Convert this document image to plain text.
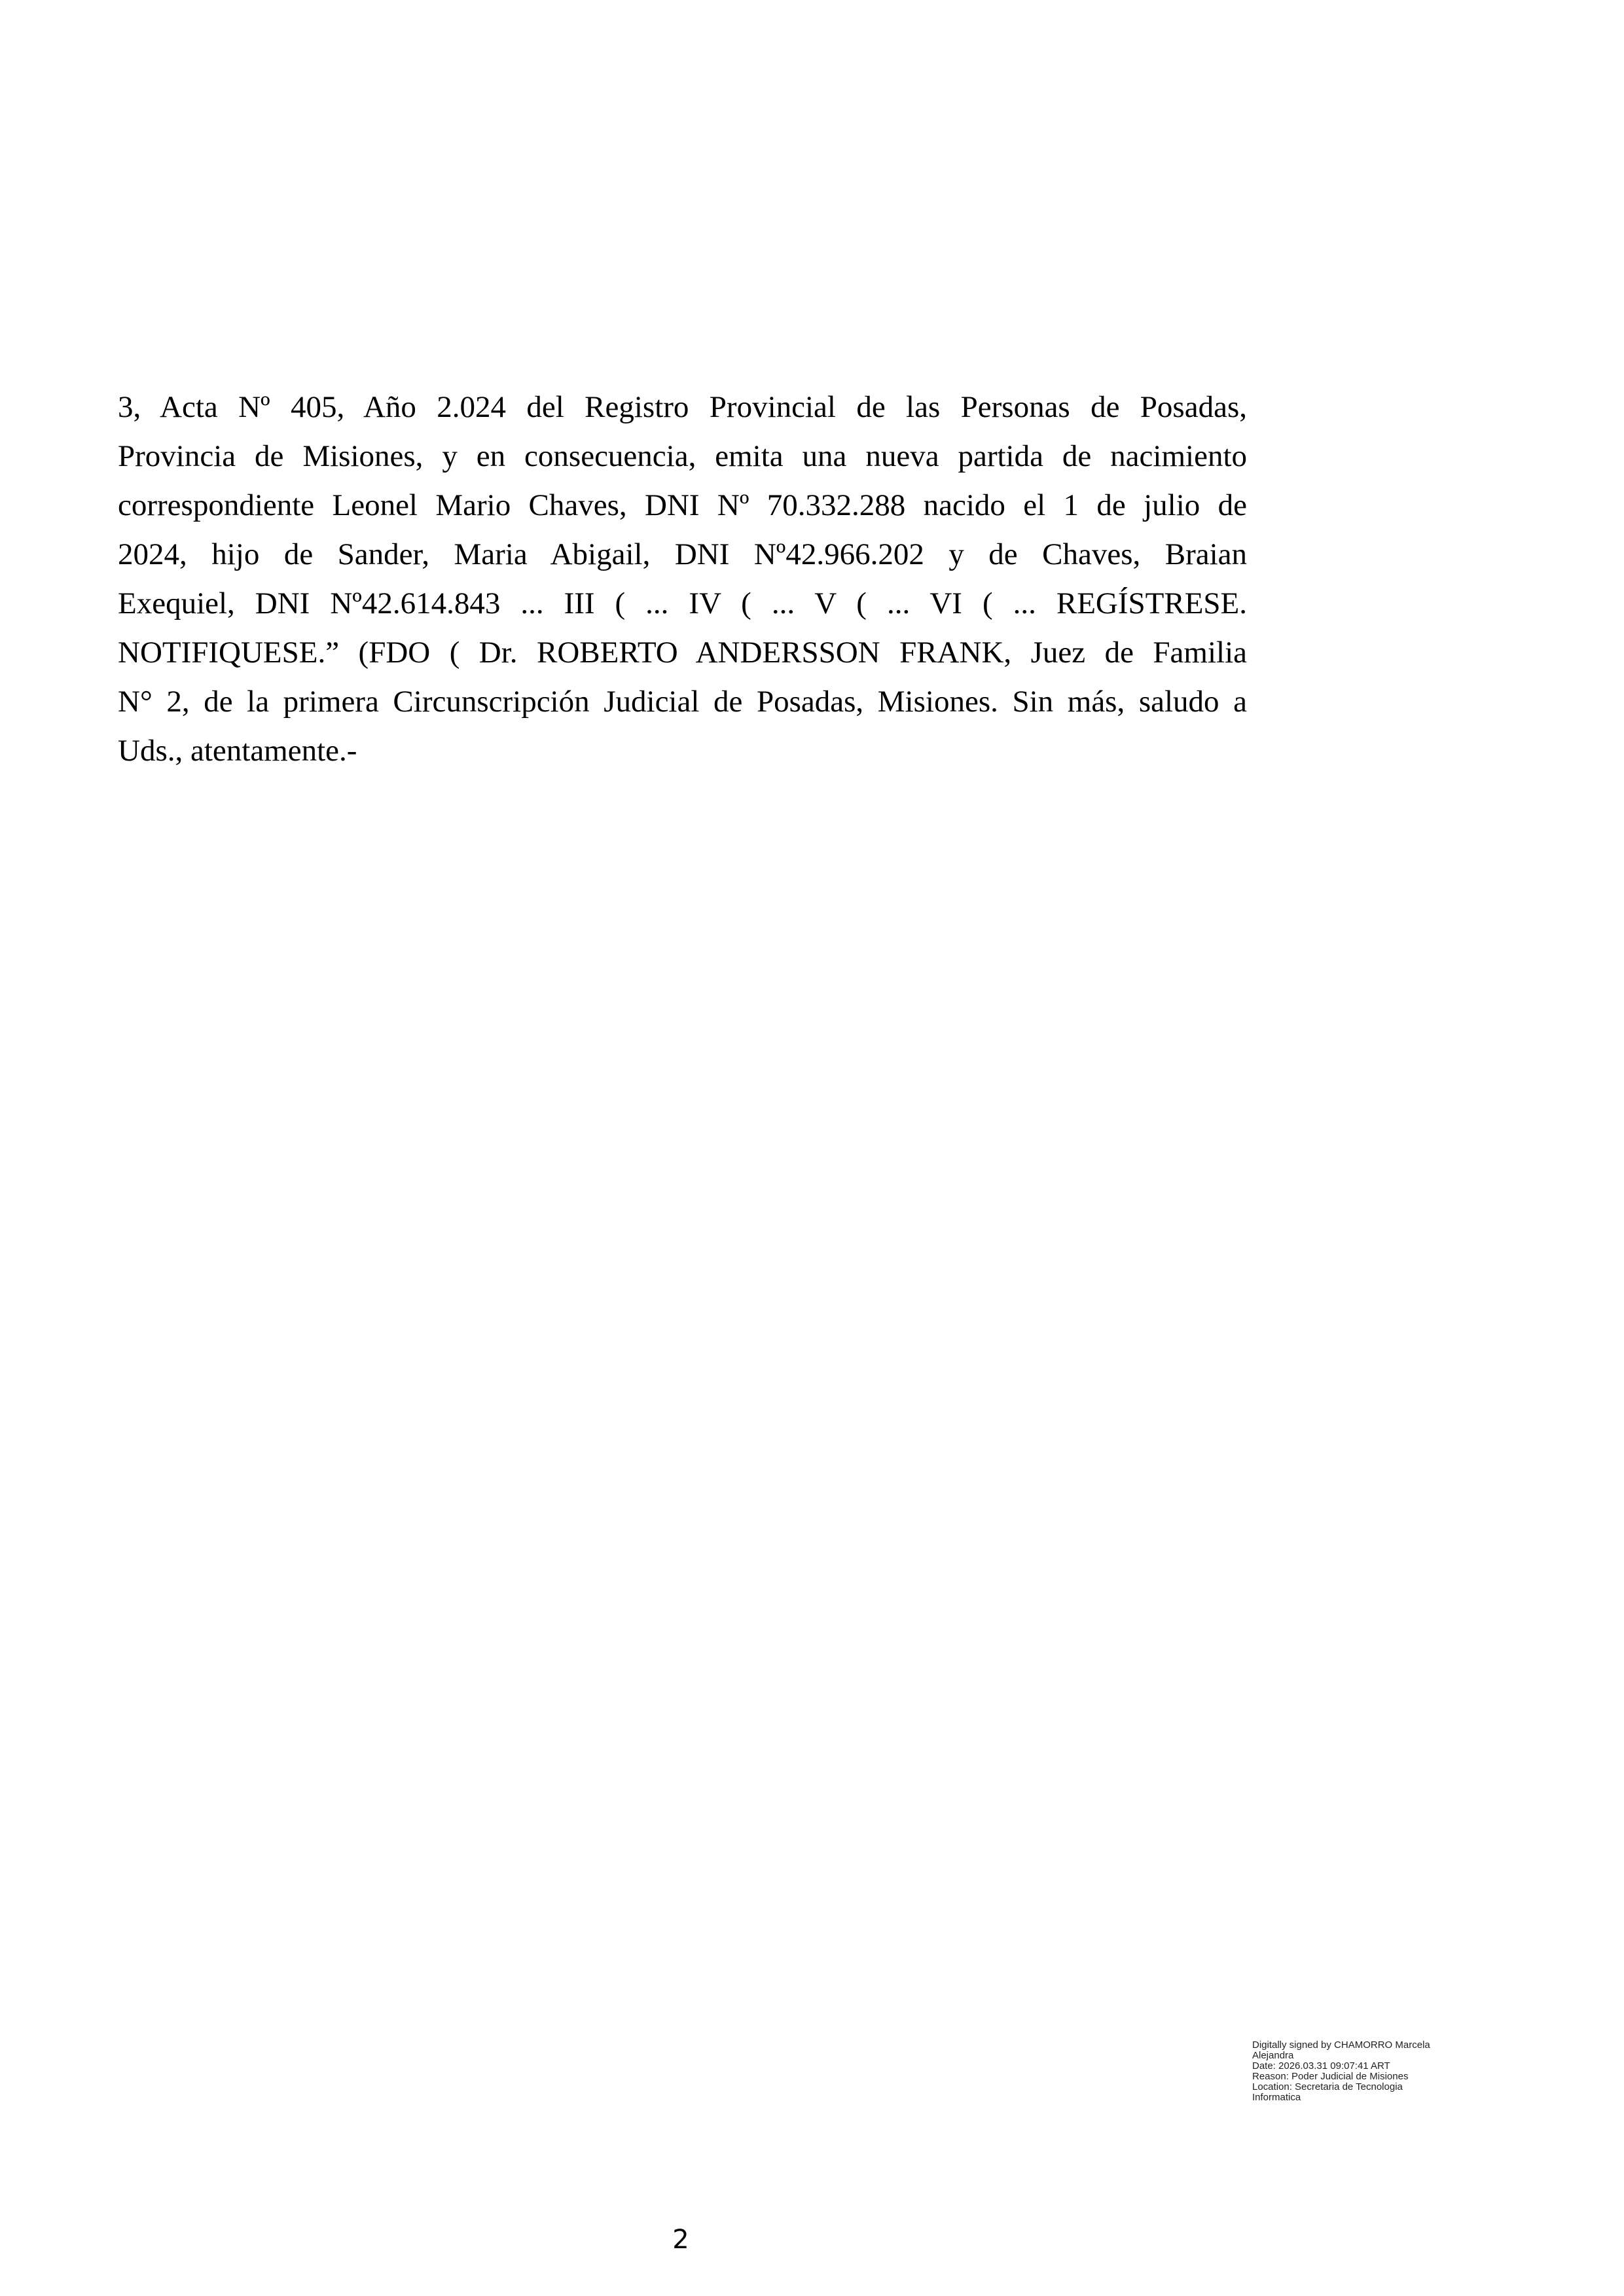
3, Acta Nº 405, Año 2.024 del Registro Provincial de las Personas de Posadas,
Provincia de Misiones, y en consecuencia, emita una nueva partida de nacimiento
correspondiente Leonel Mario Chaves, DNI Nº 70.332.288 nacido el 1 de julio de
2024, hijo de Sander, Maria Abigail, DNI Nº42.966.202 y de Chaves, Braian
Exequiel, DNI Nº42.614.843 ... III ( ... IV ( ... V ( ... VI ( ... REGÍSTRESE.
NOTIFIQUESE.” (FDO ( Dr. ROBERTO ANDERSSON FRANK, Juez de Familia
N° 2, de la primera Circunscripción Judicial de Posadas, Misiones. Sin más, saludo a
Uds., atentamente.-
Digitally signed by CHAMORRO Marcela
Alejandra
Date: 2026.03.31 09:07:41 ART
Reason: Poder Judicial de Misiones
Location: Secretaria de Tecnologia
Informatica
2
